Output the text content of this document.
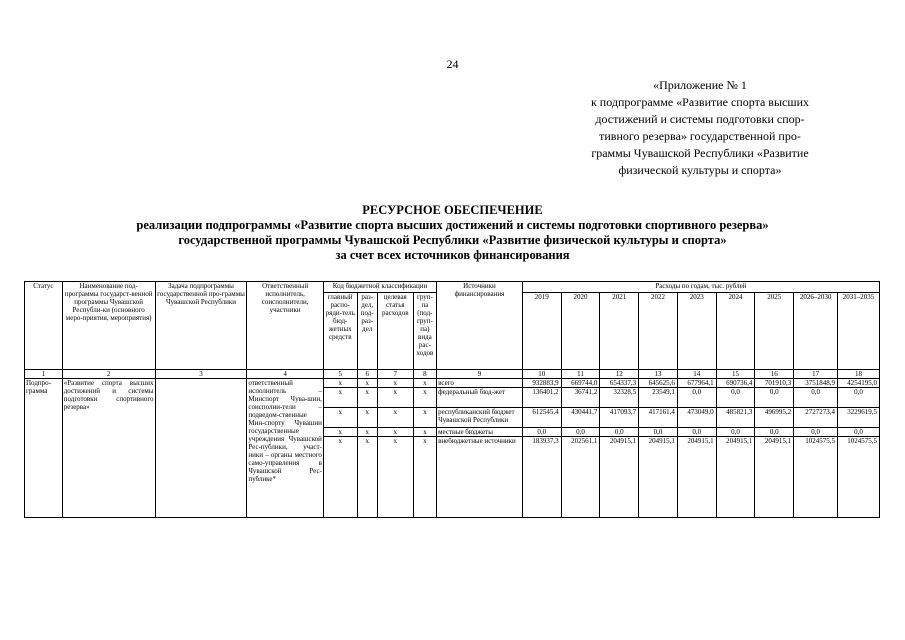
24
«Приложение № 1
к подпрограмме «Развитие спорта высших
достижений и системы подготовки спор-
тивного резерва» государственной про-
граммы Чувашской Республики «Развитие
физической культуры и спорта»
РЕСУРСНОЕ ОБЕСПЕЧЕНИЕ
реализации подпрограммы «Развитие спорта высших достижений и системы подготовки спортивного резерва»
государственной программы Чувашской Республики «Развитие физической культуры и спорта»
за счет всех источников финансирования
Статус	Наименование под-программы государст-венной программы Чувашской Республи-ки (основного меро-приятия, мероприятия)	Задача подпрограммы государственной про-граммы Чувашской Республики	Ответственный исполнитель, соисполнители, участники	Код бюджетной классификации				Источники финансирования	Расходы по годам, тыс. рублей								
				главный распо-ряди-тель бюд-жетных средств	раз-дел, под-раз-дел	целевая статья расходов	груп-па (под-груп-па) вида рас-ходов										
									2019	2020	2021	2022	2023	2024	2025	2026–2030	2031–2035
1	2	3	4	5	6	7	8	9	10	11	12	13	14	15	16	17	18
Подпро-грамма	«Развитие спорта высших достижений и системы подготовки спортивного резерва»		ответственный исполнитель – Минспорт Чува-шии, соисполни-тели – подведом-ственные Мин-спорту Чувашии государственные учреждения Чувашской Рес-публики, участ-ники – органы местного само-управления в Чувашской Рес-публике*	x	x	x	x	всего	932883,9	669744,0	654337,3	645625,6	677964,1	690736,4	701910,3	3751848,9	4254195,0
				x	x	x	x	федеральный бюд-жет	136401,2	36741,2	32328,5	23549,1	0,0	0,0	0,0	0,0	0,0
				x	x	x	x	республиканский бюджет Чувашской Республики	612545,4	430441,7	417093,7	417161,4	473049,0	485821,3	496995,2	2727273,4	3229619,5
				x	x	x	x	местные бюджеты	0,0	0,0	0,0	0,0	0,0	0,0	0,0	0,0	0,0
				x	x	x	x	внебюджетные источники	183937,3	202561,1	204915,1	204915,1	204915,1	204915,1	204915,1	1024575,5	1024575,5
